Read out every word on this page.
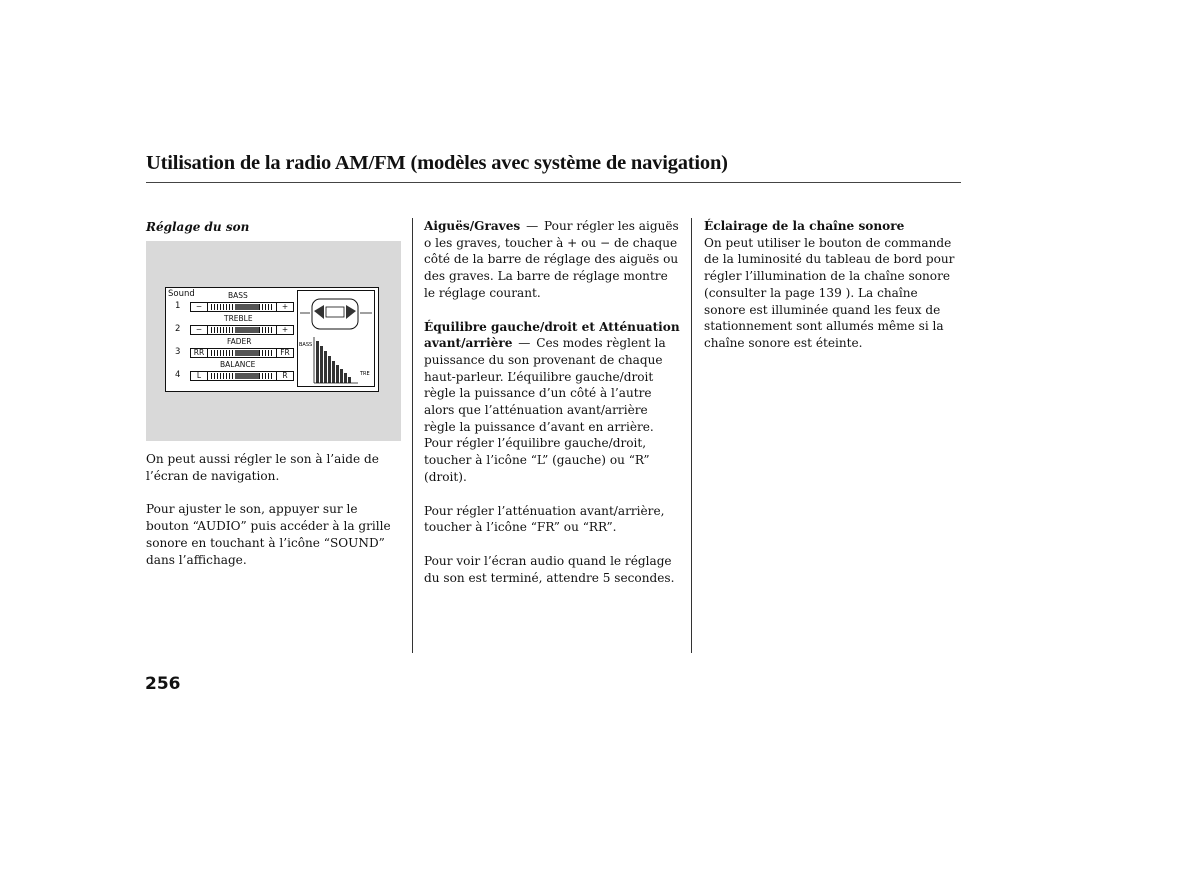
Utilisation de la radio AM/FM (modèles avec système de navigation)
Réglage du son
Sound	BASS
1	−	+
TREBLE
2	−	+
FADER
3	RR	FR
BALANCE
4	L	R
BASS
TRE

On peut aussi régler le son à l’aide de l’écran de navigation.

Pour ajuster le son, appuyer sur le bouton “AUDIO” puis accéder à la grille sonore en touchant à l’icône “SOUND” dans l’affichage.

Aiguës/Graves — Pour régler les aiguës o les graves, toucher à + ou − de chaque côté de la barre de réglage des aiguës ou des graves. La barre de réglage montre le réglage courant.

Équilibre gauche/droit et Atténuation avant/arrière — Ces modes règlent la puissance du son provenant de chaque haut-parleur. L’équilibre gauche/droit règle la puissance d’un côté à l’autre alors que l’atténuation avant/arrière règle la puissance d’avant en arrière. Pour régler l’équilibre gauche/droit, toucher à l’icône “L” (gauche) ou “R” (droit).

Pour régler l’atténuation avant/arrière, toucher à l’icône “FR” ou “RR”.

Pour voir l’écran audio quand le réglage du son est terminé, attendre 5 secondes.

Éclairage de la chaîne sonore
On peut utiliser le bouton de commande de la luminosité du tableau de bord pour régler l’illumination de la chaîne sonore (consulter la page 139 ). La chaîne sonore est illuminée quand les feux de stationnement sont allumés même si la chaîne sonore est éteinte.

256
